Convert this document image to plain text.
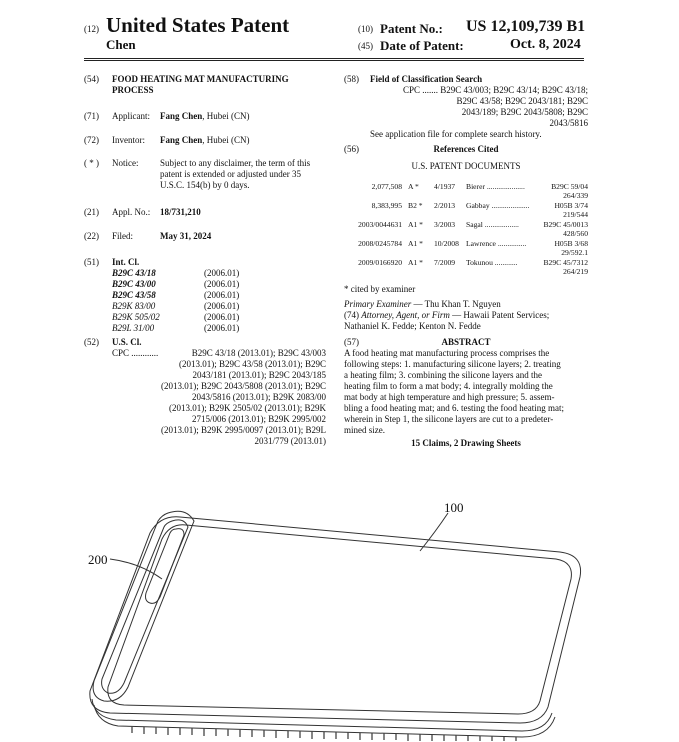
(12) United States Patent
Chen
(10) Patent No.: US 12,109,739 B1
(45) Date of Patent:	Oct. 8, 2024
(54) FOOD HEATING MAT MANUFACTURING
PROCESS
(71) Applicant: Fang Chen, Hubei (CN)
(72) Inventor: Fang Chen, Hubei (CN)
( * ) Notice: Subject to any disclaimer, the term of this
patent is extended or adjusted under 35
U.S.C. 154(b) by 0 days.
(21) Appl. No.: 18/731,210
(22) Filed:	May 31, 2024
(51) Int. Cl.
B29C 43/18	(2006.01)
B29C 43/00	(2006.01)
B29C 43/58	(2006.01)
B29K 83/00	(2006.01)
B29K 505/02	(2006.01)
B29L 31/00	(2006.01)
(52) U.S. Cl.
CPC ............	B29C 43/18 (2013.01); B29C 43/003
(2013.01); B29C 43/58 (2013.01); B29C
2043/181 (2013.01); B29C 2043/185
(2013.01); B29C 2043/5808 (2013.01); B29C
2043/5816 (2013.01); B29K 2083/00
(2013.01); B29K 2505/02 (2013.01); B29K
2715/006 (2013.01); B29K 2995/002
(2013.01); B29K 2995/0097 (2013.01); B29L
2031/779 (2013.01)
(58) Field of Classification Search
CPC ....... B29C 43/003; B29C 43/14; B29C 43/18;
B29C 43/58; B29C 2043/181; B29C
2043/189; B29C 2043/5808; B29C
2043/5816
See application file for complete search history.
(56)	References Cited
U.S. PATENT DOCUMENTS
2,077,508 A * 4/1937 Bierer ....................	B29C 59/04
264/339
8,383,995 B2 * 2/2013 Gabbay ....................	H05B 3/74
219/544
2003/0044631 A1 * 3/2003 Sagal ..................	B29C 45/0013
428/560
2008/0245784 A1 * 10/2008 Lawrence ...............	H05B 3/68
29/592.1
2009/0166920 A1 * 7/2009 Tokunou ............	B29C 45/7312
264/219
* cited by examiner
Primary Examiner — Thu Khan T. Nguyen
(74) Attorney, Agent, or Firm — Hawaii Patent Services;
Nathaniel K. Fedde; Kenton N. Fedde
(57)	ABSTRACT
A food heating mat manufacturing process comprises the
following steps: 1. manufacturing silicone layers; 2. treating
a heating film; 3. combining the silicone layers and the
heating film to form a mat body; 4. integrally molding the
mat body at high temperature and high pressure; 5. assem-
bling a food heating mat; and 6. testing the food heating mat;
wherein in Step 1, the silicone layers are cut to a predeter-
mined size.
15 Claims, 2 Drawing Sheets
100
200
